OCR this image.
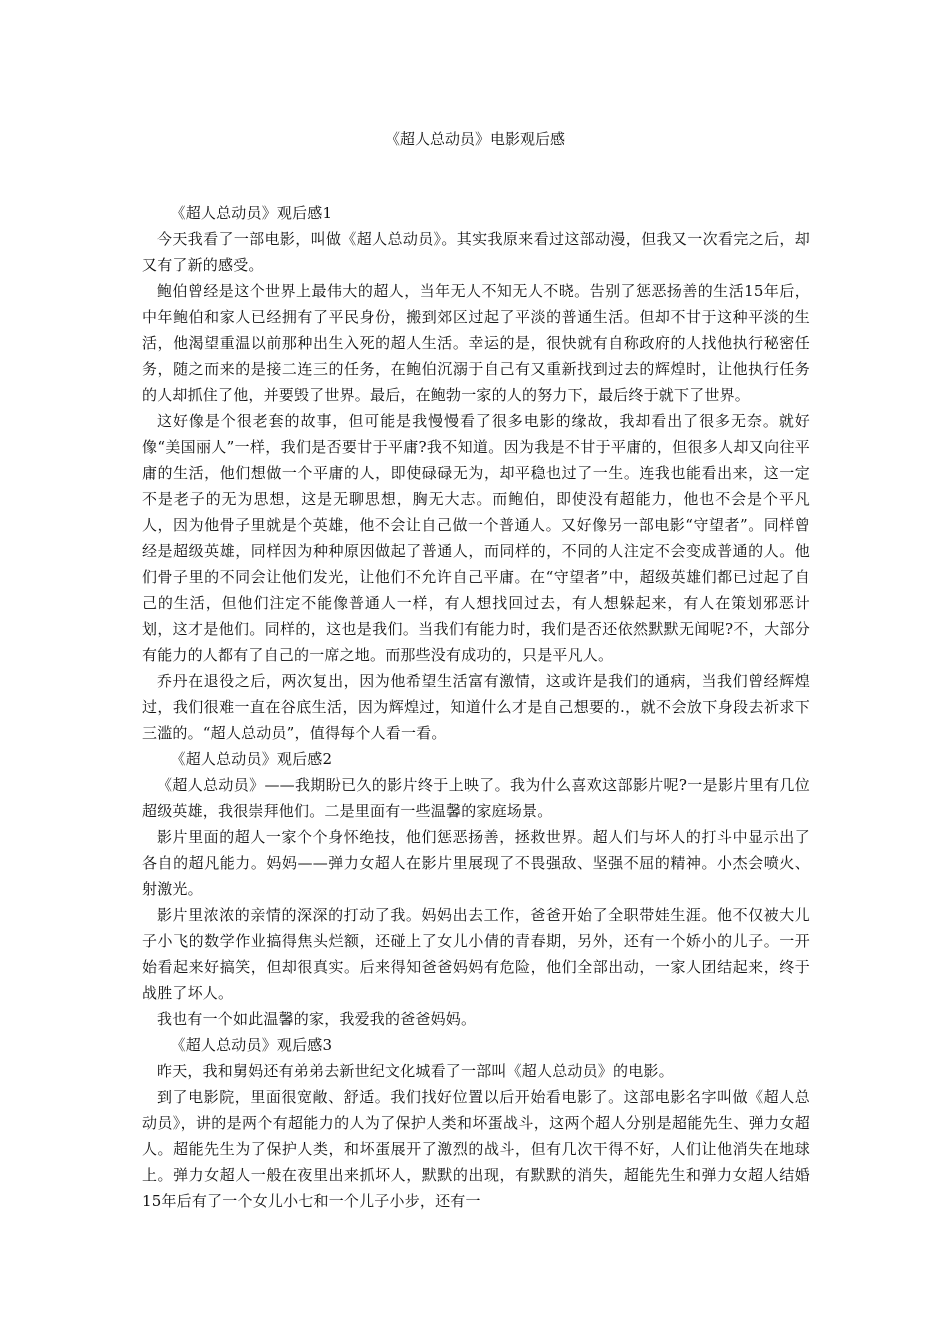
《超人总动员》电影观后感

《超人总动员》观后感1

今天我看了一部电影，叫做《超人总动员》。其实我原来看过这部动漫，但我又一次看完之后，却又有了新的感受。

鲍伯曾经是这个世界上最伟大的超人，当年无人不知无人不晓。告别了惩恶扬善的生活15年后，中年鲍伯和家人已经拥有了平民身份，搬到郊区过起了平淡的普通生活。但却不甘于这种平淡的生活，他渴望重温以前那种出生入死的超人生活。幸运的是，很快就有自称政府的人找他执行秘密任务，随之而来的是接二连三的任务，在鲍伯沉溺于自己有又重新找到过去的辉煌时，让他执行任务的人却抓住了他，并要毁了世界。最后，在鲍勃一家的人的努力下，最后终于就下了世界。

这好像是个很老套的故事，但可能是我慢慢看了很多电影的缘故，我却看出了很多无奈。就好像“美国丽人”一样，我们是否要甘于平庸?我不知道。因为我是不甘于平庸的，但很多人却又向往平庸的生活，他们想做一个平庸的人，即使碌碌无为，却平稳也过了一生。连我也能看出来，这一定不是老子的无为思想，这是无聊思想，胸无大志。而鲍伯，即使没有超能力，他也不会是个平凡人，因为他骨子里就是个英雄，他不会让自己做一个普通人。又好像另一部电影“守望者”。同样曾经是超级英雄，同样因为种种原因做起了普通人，而同样的，不同的人注定不会变成普通的人。他们骨子里的不同会让他们发光，让他们不允许自己平庸。在“守望者”中，超级英雄们都已过起了自己的生活，但他们注定不能像普通人一样，有人想找回过去，有人想躲起来，有人在策划邪恶计划，这才是他们。同样的，这也是我们。当我们有能力时，我们是否还依然默默无闻呢?不，大部分有能力的人都有了自己的一席之地。而那些没有成功的，只是平凡人。

乔丹在退役之后，两次复出，因为他希望生活富有激情，这或许是我们的通病，当我们曾经辉煌过，我们很难一直在谷底生活，因为辉煌过，知道什么才是自己想要的.，就不会放下身段去祈求下三滥的。“超人总动员”，值得每个人看一看。

《超人总动员》观后感2

《超人总动员》——我期盼已久的影片终于上映了。我为什么喜欢这部影片呢?一是影片里有几位超级英雄，我很崇拜他们。二是里面有一些温馨的家庭场景。

影片里面的超人一家个个身怀绝技，他们惩恶扬善，拯救世界。超人们与坏人的打斗中显示出了各自的超凡能力。妈妈——弹力女超人在影片里展现了不畏强敌、坚强不屈的精神。小杰会喷火、射激光。

影片里浓浓的亲情的深深的打动了我。妈妈出去工作，爸爸开始了全职带娃生涯。他不仅被大儿子小飞的数学作业搞得焦头烂额，还碰上了女儿小倩的青春期，另外，还有一个娇小的儿子。一开始看起来好搞笑，但却很真实。后来得知爸爸妈妈有危险，他们全部出动，一家人团结起来，终于战胜了坏人。

我也有一个如此温馨的家，我爱我的爸爸妈妈。

《超人总动员》观后感3

昨天，我和舅妈还有弟弟去新世纪文化城看了一部叫《超人总动员》的电影。

到了电影院，里面很宽敞、舒适。我们找好位置以后开始看电影了。这部电影名字叫做《超人总动员》，讲的是两个有超能力的人为了保护人类和坏蛋战斗，这两个超人分别是超能先生、弹力女超人。超能先生为了保护人类，和坏蛋展开了激烈的战斗，但有几次干得不好，人们让他消失在地球上。弹力女超人一般在夜里出来抓坏人，默默的出现，有默默的消失，超能先生和弹力女超人结婚15年后有了一个女儿小七和一个儿子小步，还有一
